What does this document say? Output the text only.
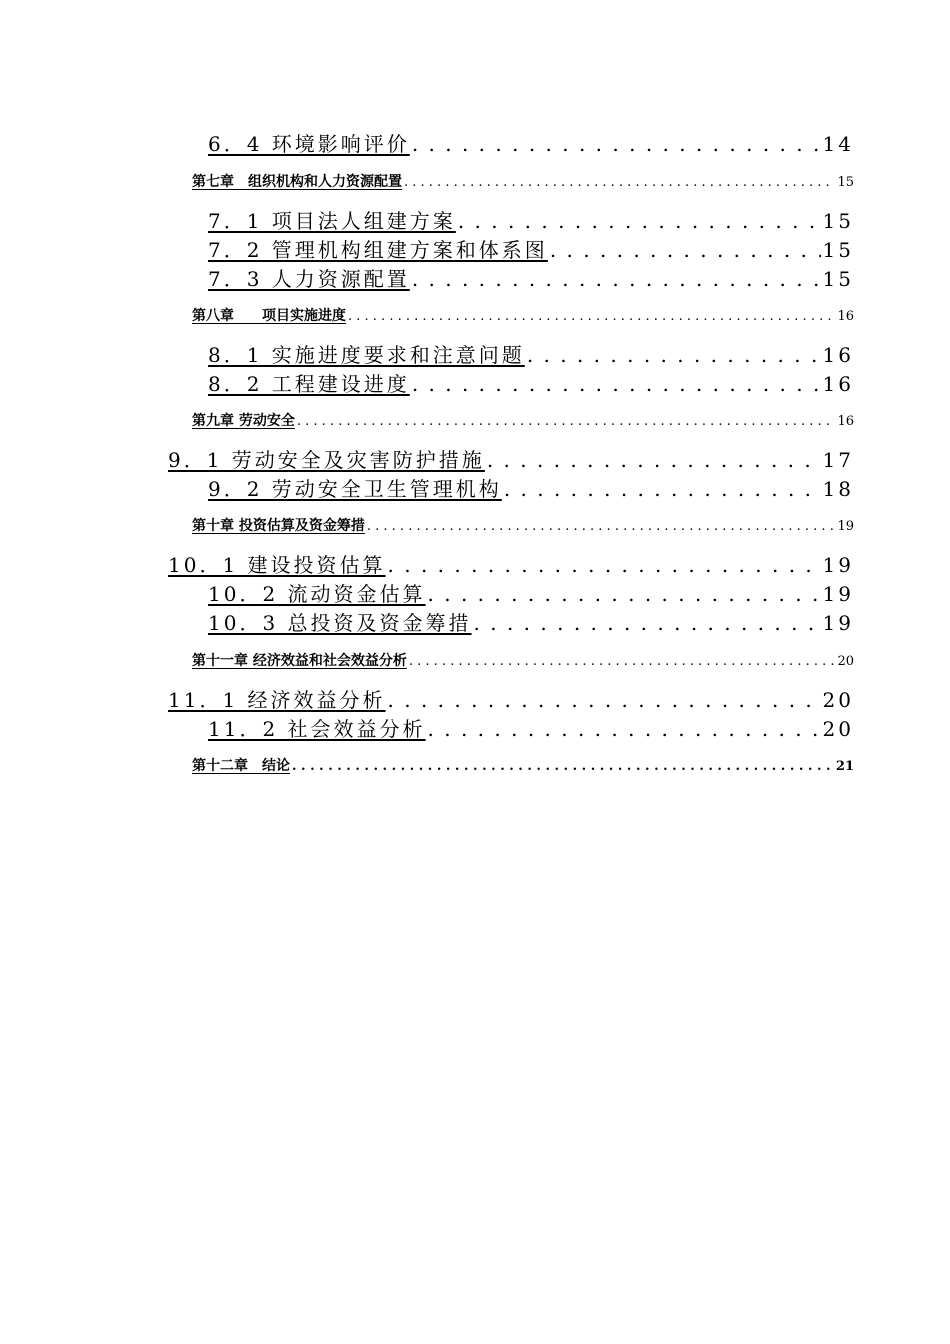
6．4 环境影响评价 . . .	14
第七章　组织机构和人力资源配置 . . .	15
7．1 项目法人组建方案 . . .	15
7．2 管理机构组建方案和体系图 . . .	15
7．3 人力资源配置 . . .	15
第八章　　项目实施进度 . . .	16
8．1 实施进度要求和注意问题 . . .	16
8．2 工程建设进度 . . .	16
第九章 劳动安全 . . .	16
9．1 劳动安全及灾害防护措施 . . .	17
9．2 劳动安全卫生管理机构 . . .	18
第十章 投资估算及资金筹措 . . .	19
10．1 建设投资估算 . . .	19
10．2 流动资金估算 . . .	19
10．3 总投资及资金筹措 . . .	19
第十一章 经济效益和社会效益分析 . . .	20
11．1 经济效益分析 . . .	20
11．2 社会效益分析 . . .	20
第十二章　结论 . . .	21
